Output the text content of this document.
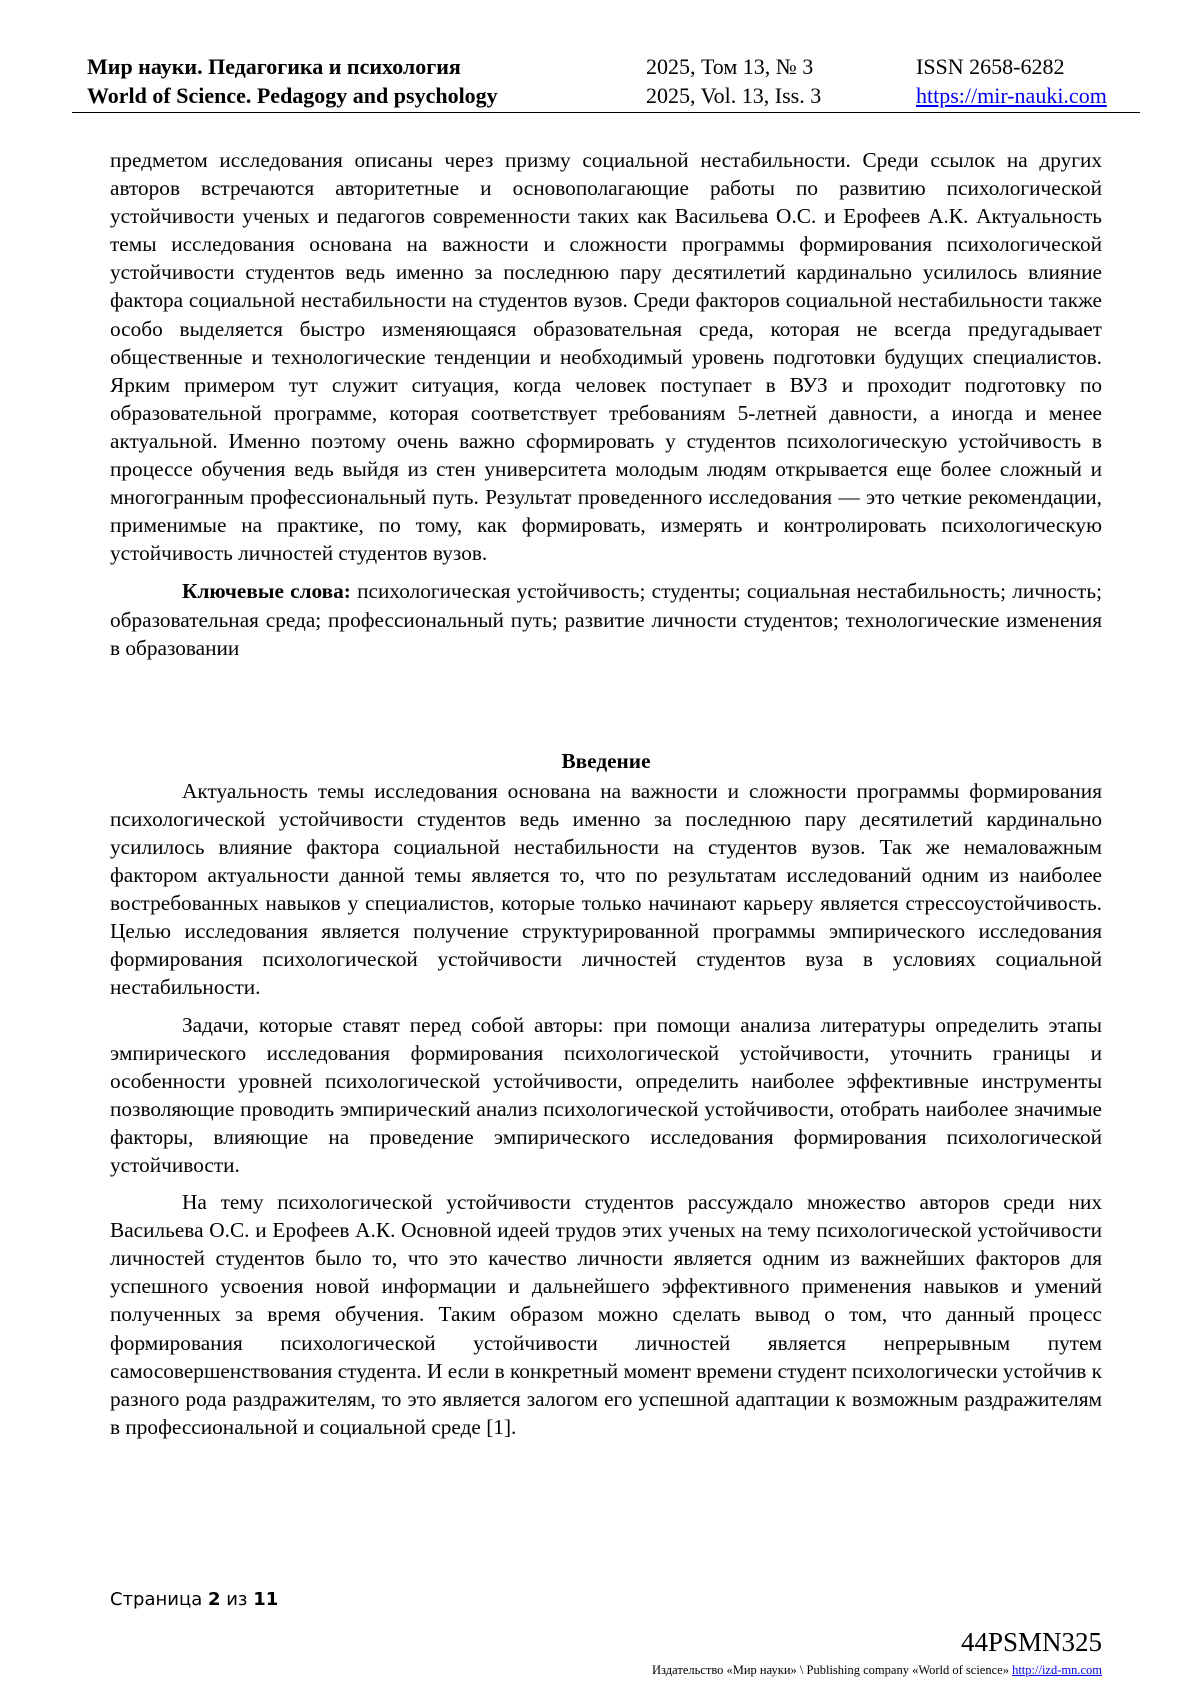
Мир науки. Педагогика и психология
World of Science. Pedagogy and psychology
2025, Том 13, № 3
2025, Vol. 13, Iss. 3
ISSN 2658-6282
https://mir-nauki.com

предметом исследования описаны через призму социальной нестабильности. Среди ссылок на других авторов встречаются авторитетные и основополагающие работы по развитию психологической устойчивости ученых и педагогов современности таких как Васильева О.С. и Ерофеев А.К. Актуальность темы исследования основана на важности и сложности программы формирования психологической устойчивости студентов ведь именно за последнюю пару десятилетий кардинально усилилось влияние фактора социальной нестабильности на студентов вузов. Среди факторов социальной нестабильности также особо выделяется быстро изменяющаяся образовательная среда, которая не всегда предугадывает общественные и технологические тенденции и необходимый уровень подготовки будущих специалистов. Ярким примером тут служит ситуация, когда человек поступает в ВУЗ и проходит подготовку по образовательной программе, которая соответствует требованиям 5-летней давности, а иногда и менее актуальной. Именно поэтому очень важно сформировать у студентов психологическую устойчивость в процессе обучения ведь выйдя из стен университета молодым людям открывается еще более сложный и многогранным профессиональный путь. Результат проведенного исследования — это четкие рекомендации, применимые на практике, по тому, как формировать, измерять и контролировать психологическую устойчивость личностей студентов вузов.

Ключевые слова: психологическая устойчивость; студенты; социальная нестабильность; личность; образовательная среда; профессиональный путь; развитие личности студентов; технологические изменения в образовании

Введение

Актуальность темы исследования основана на важности и сложности программы формирования психологической устойчивости студентов ведь именно за последнюю пару десятилетий кардинально усилилось влияние фактора социальной нестабильности на студентов вузов. Так же немаловажным фактором актуальности данной темы является то, что по результатам исследований одним из наиболее востребованных навыков у специалистов, которые только начинают карьеру является стрессоустойчивость. Целью исследования является получение структурированной программы эмпирического исследования формирования психологической устойчивости личностей студентов вуза в условиях социальной нестабильности.

Задачи, которые ставят перед собой авторы: при помощи анализа литературы определить этапы эмпирического исследования формирования психологической устойчивости, уточнить границы и особенности уровней психологической устойчивости, определить наиболее эффективные инструменты позволяющие проводить эмпирический анализ психологической устойчивости, отобрать наиболее значимые факторы, влияющие на проведение эмпирического исследования формирования психологической устойчивости.

На тему психологической устойчивости студентов рассуждало множество авторов среди них Васильева О.С. и Ерофеев А.К. Основной идеей трудов этих ученых на тему психологической устойчивости личностей студентов было то, что это качество личности является одним из важнейших факторов для успешного усвоения новой информации и дальнейшего эффективного применения навыков и умений полученных за время обучения. Таким образом можно сделать вывод о том, что данный процесс формирования психологической устойчивости личностей является непрерывным путем самосовершенствования студента. И если в конкретный момент времени студент психологически устойчив к разного рода раздражителям, то это является залогом его успешной адаптации к возможным раздражителям в профессиональной и социальной среде [1].

Страница 2 из 11
44PSMN325
Издательство «Мир науки» \ Publishing company «World of science» http://izd-mn.com
